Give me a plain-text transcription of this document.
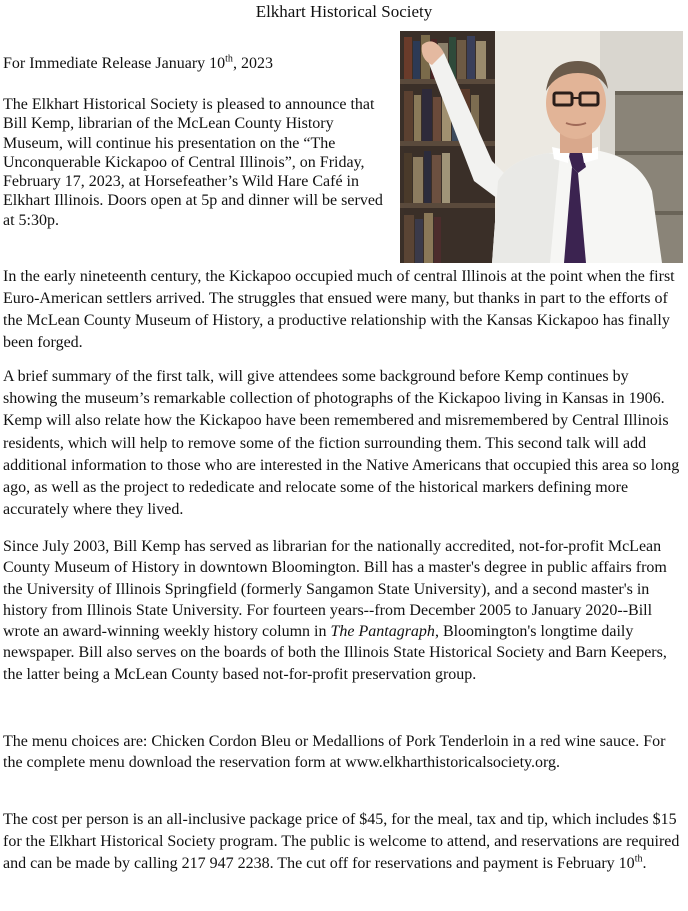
Elkhart Historical Society
For Immediate Release January 10th, 2023

The Elkhart Historical Society is pleased to announce that Bill Kemp, librarian of the McLean County History Museum, will continue his presentation on the “The Unconquerable Kickapoo of Central Illinois”, on Friday, February 17, 2023, at Horsefeather’s Wild Hare Café in Elkhart Illinois. Doors open at 5p and dinner will be served at 5:30p.

In the early nineteenth century, the Kickapoo occupied much of central Illinois at the point when the first Euro-American settlers arrived. The struggles that ensued were many, but thanks in part to the efforts of the McLean County Museum of History, a productive relationship with the Kansas Kickapoo has finally been forged.

A brief summary of the first talk, will give attendees some background before Kemp continues by showing the museum’s remarkable collection of photographs of the Kickapoo living in Kansas in 1906. Kemp will also relate how the Kickapoo have been remembered and misremembered by Central Illinois residents, which will help to remove some of the fiction surrounding them. This second talk will add additional information to those who are interested in the Native Americans that occupied this area so long ago, as well as the project to rededicate and relocate some of the historical markers defining more accurately where they lived.

Since July 2003, Bill Kemp has served as librarian for the nationally accredited, not-for-profit McLean County Museum of History in downtown Bloomington. Bill has a master's degree in public affairs from the University of Illinois Springfield (formerly Sangamon State University), and a second master's in history from Illinois State University. For fourteen years--from December 2005 to January 2020--Bill wrote an award-winning weekly history column in The Pantagraph, Bloomington's longtime daily newspaper. Bill also serves on the boards of both the Illinois State Historical Society and Barn Keepers, the latter being a McLean County based not-for-profit preservation group.

The menu choices are: Chicken Cordon Bleu or Medallions of Pork Tenderloin in a red wine sauce. For the complete menu download the reservation form at www.elkharthistoricalsociety.org.

The cost per person is an all-inclusive package price of $45, for the meal, tax and tip, which includes $15 for the Elkhart Historical Society program. The public is welcome to attend, and reservations are required and can be made by calling 217 947 2238. The cut off for reservations and payment is February 10th.
